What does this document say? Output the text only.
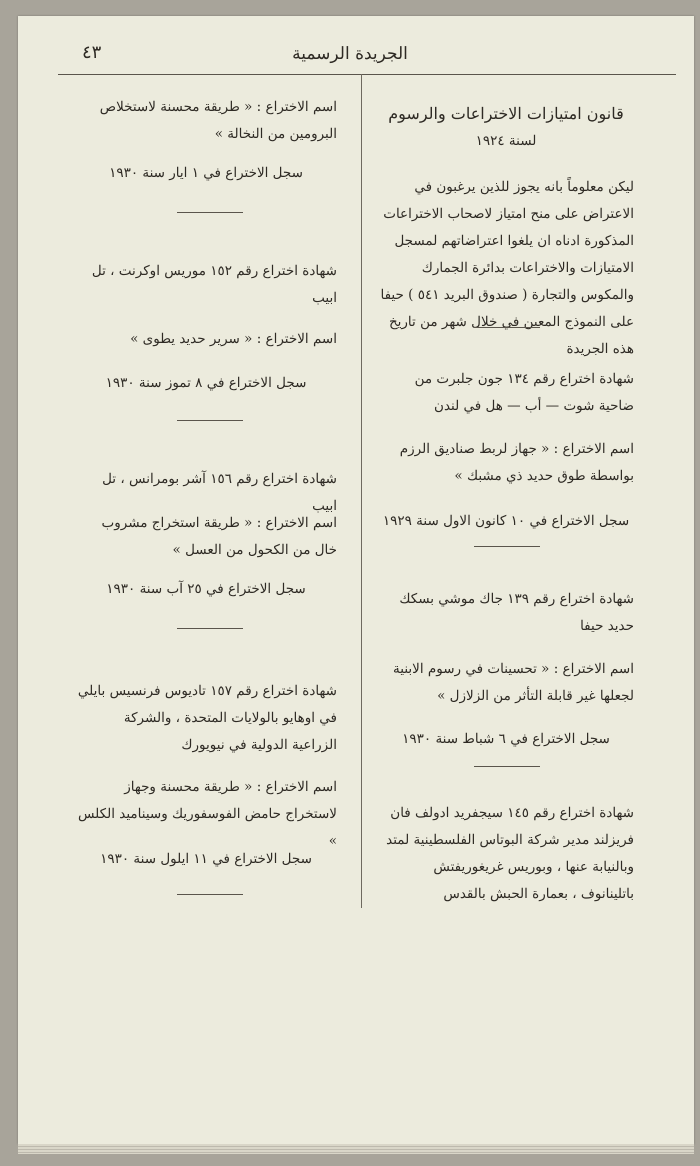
٤٣	الجريدة الرسمية
قانون امتيازات الاختراعات والرسوم
لسنة ١٩٢٤
ليكن معلوماً بانه يجوز للذين يرغبون في الاعتراض على منح امتياز لاصحاب الاختراعات المذكورة ادناه ان يلغوا اعتراضاتهم لمسجل الامتيازات والاختراعات بدائرة الجمارك والمكوس والتجارة ( صندوق البريد ٥٤١ ) حيفا على النموذج المعين في خلال شهر من تاريخ هذه الجريدة
شهادة اختراع رقم ١٣٤ جون جلبرت من ضاحية شوت — أب — هل في لندن
اسم الاختراع : « جهاز لربط صناديق الرزم بواسطة طوق حديد ذي مشبك »
سجل الاختراع في ١٠ كانون الاول سنة ١٩٢٩
شهادة اختراع رقم ١٣٩ جاك موشي بسكك حديد حيفا
اسم الاختراع : « تحسينات في رسوم الابنية لجعلها غير قابلة التأثر من الزلازل »
سجل الاختراع في ٦ شباط سنة ١٩٣٠
شهادة اختراع رقم ١٤٥ سيجفريد ادولف فان فريزلند مدير شركة البوتاس الفلسطينية لمتد وبالنيابة عنها ، وبوريس غريغوريفتش باتلينانوف ، بعمارة الحبش بالقدس
اسم الاختراع : « طريقة محسنة لاستخلاص البرومين من النخالة »
سجل الاختراع في ١ ايار سنة ١٩٣٠
شهادة اختراع رقم ١٥٢ موريس اوكرنت ، تل ابيب
اسم الاختراع : « سرير حديد يطوى »
سجل الاختراع في ٨ تموز سنة ١٩٣٠
شهادة اختراع رقم ١٥٦ آشر بومرانس ، تل ابيب
اسم الاختراع : « طريقة استخراج مشروب خال من الكحول من العسل »
سجل الاختراع في ٢٥ آب سنة ١٩٣٠
شهادة اختراع رقم ١٥٧ تاديوس فرنسيس بايلي في اوهايو بالولايات المتحدة ، والشركة الزراعية الدولية في نيويورك
اسم الاختراع : « طريقة محسنة وجهاز لاستخراج حامض الفوسفوريك وسيناميد الكلس »
سجل الاختراع في ١١ ايلول سنة ١٩٣٠
